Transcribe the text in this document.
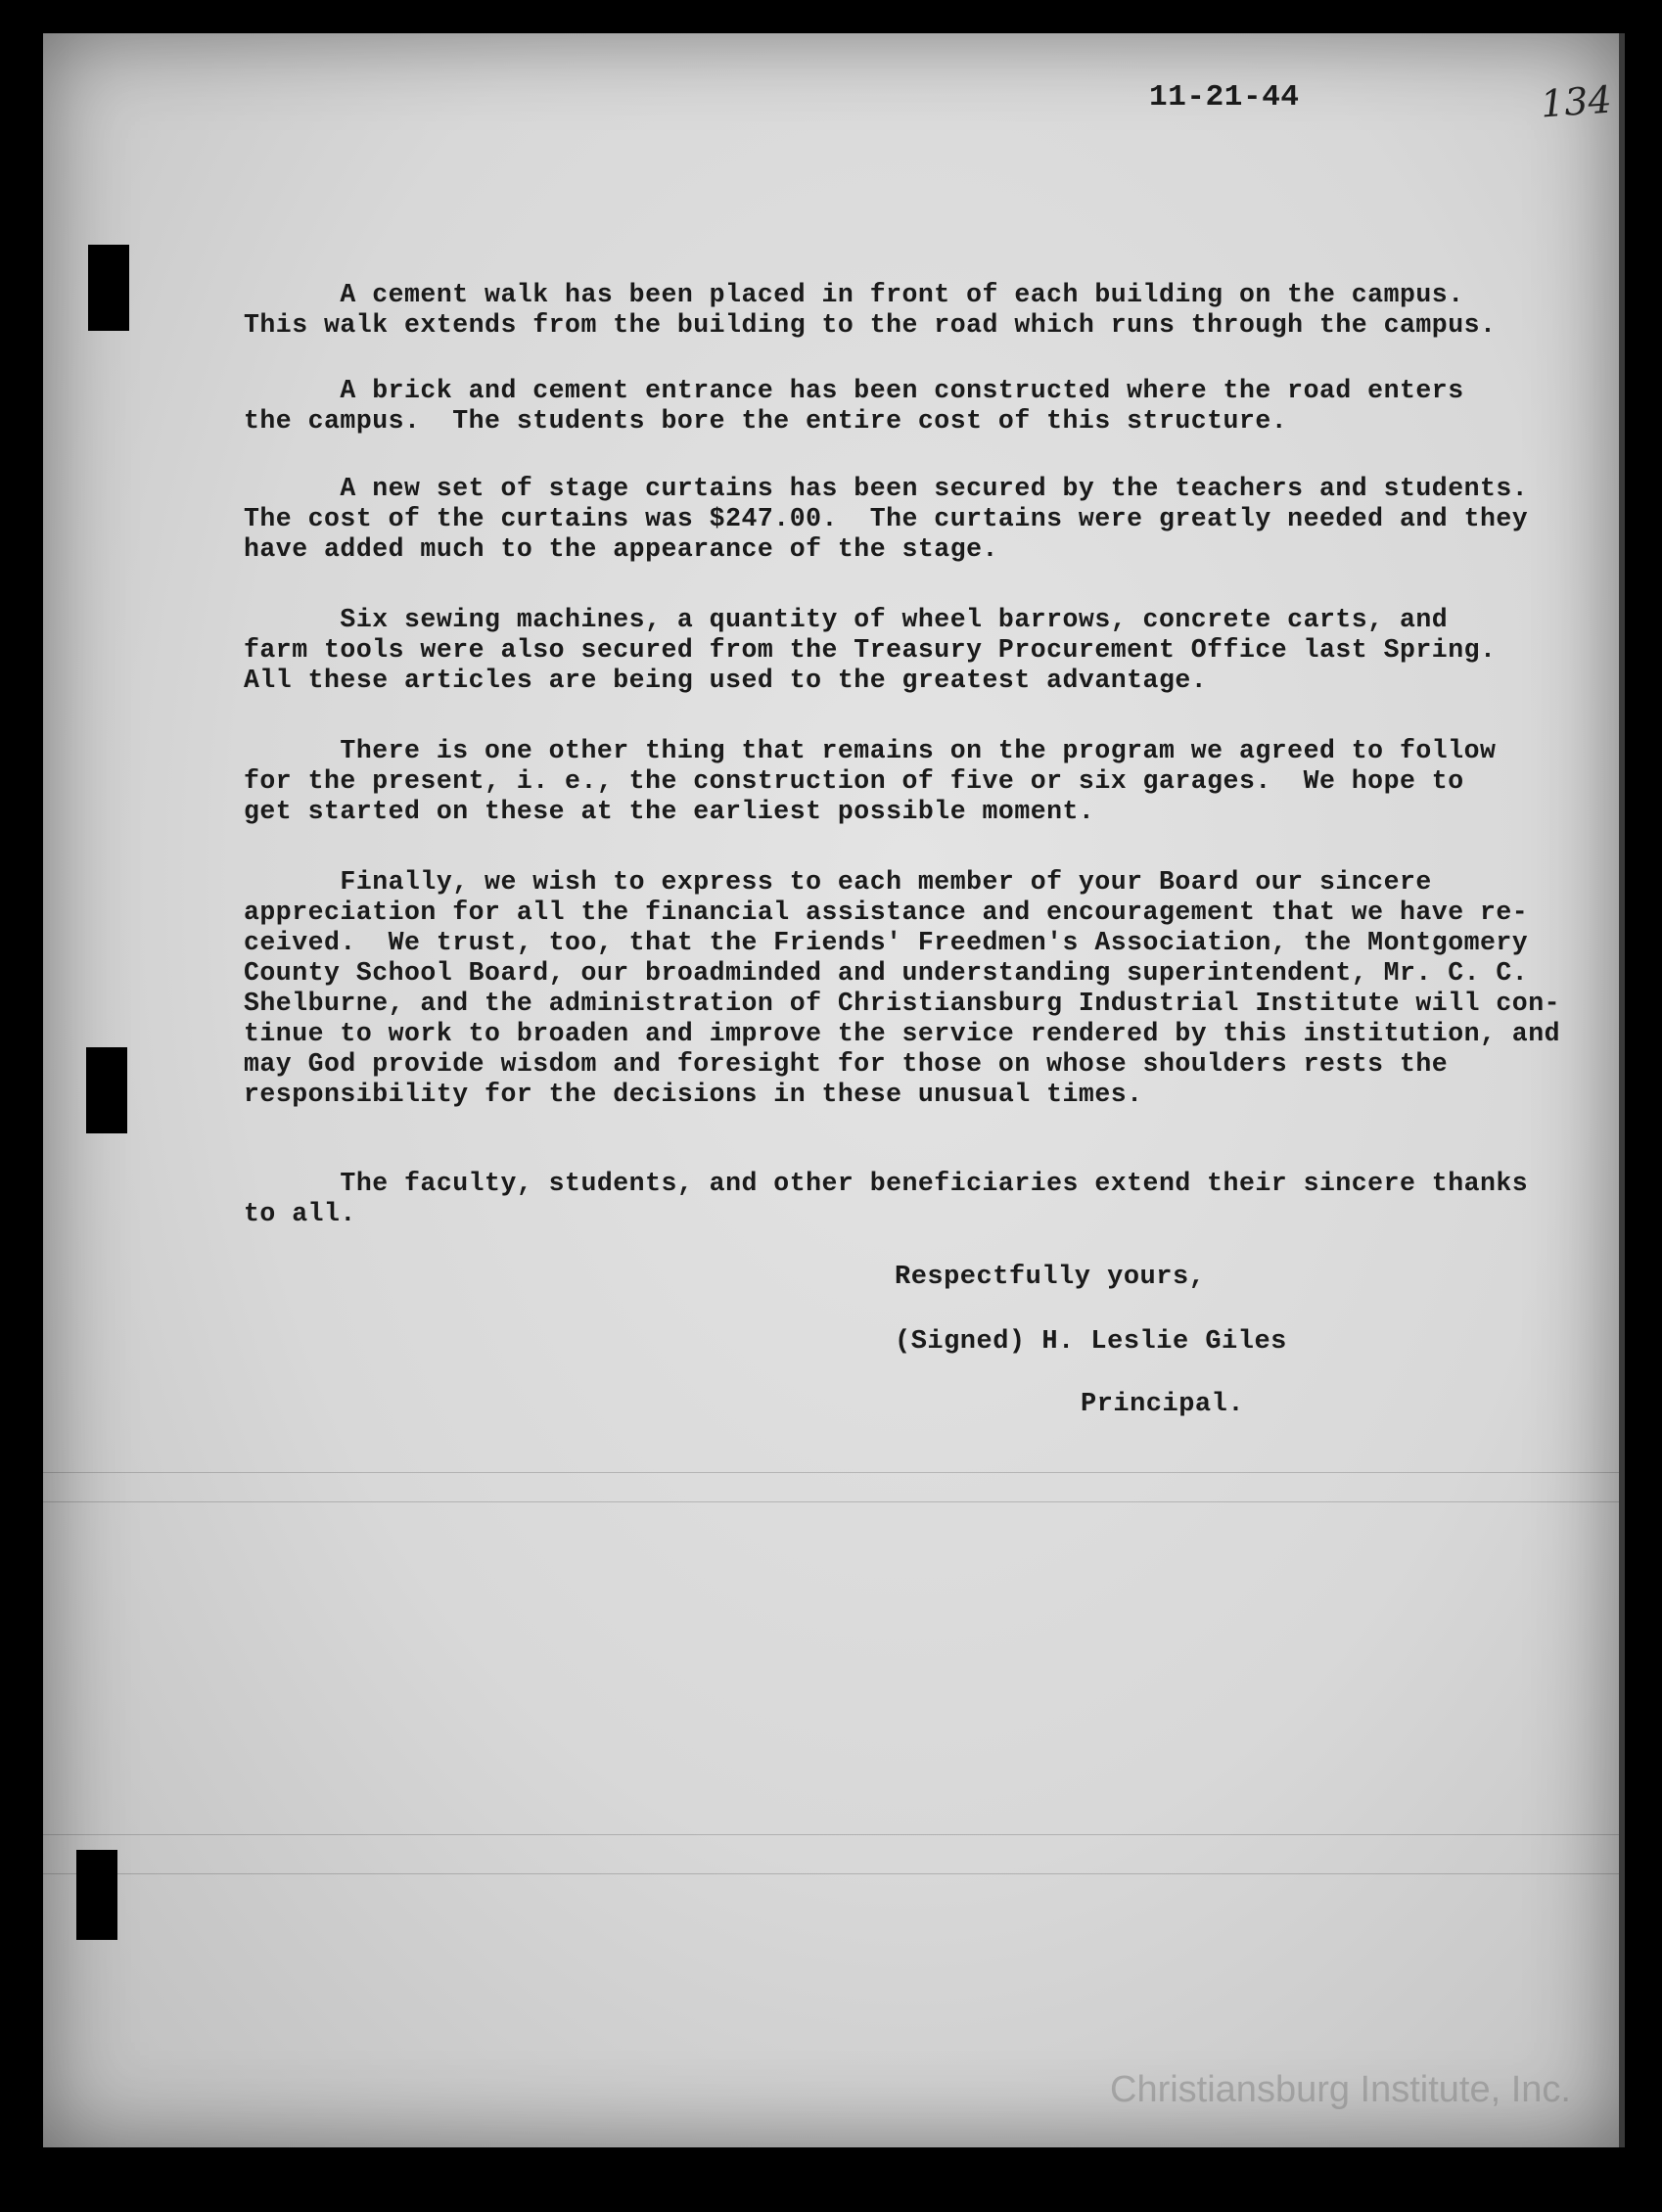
11-21-44	134
A cement walk has been placed in front of each building on the campus.
This walk extends from the building to the road which runs through the campus.
A brick and cement entrance has been constructed where the road enters
the campus.  The students bore the entire cost of this structure.
A new set of stage curtains has been secured by the teachers and students.
The cost of the curtains was $247.00.  The curtains were greatly needed and they
have added much to the appearance of the stage.
Six sewing machines, a quantity of wheel barrows, concrete carts, and
farm tools were also secured from the Treasury Procurement Office last Spring.
All these articles are being used to the greatest advantage.
There is one other thing that remains on the program we agreed to follow
for the present, i. e., the construction of five or six garages.  We hope to
get started on these at the earliest possible moment.
Finally, we wish to express to each member of your Board our sincere
appreciation for all the financial assistance and encouragement that we have re-
ceived.  We trust, too, that the Friends' Freedmen's Association, the Montgomery
County School Board, our broadminded and understanding superintendent, Mr. C. C.
Shelburne, and the administration of Christiansburg Industrial Institute will con-
tinue to work to broaden and improve the service rendered by this institution, and
may God provide wisdom and foresight for those on whose shoulders rests the
responsibility for the decisions in these unusual times.
The faculty, students, and other beneficiaries extend their sincere thanks
to all.
Respectfully yours,
(Signed) H. Leslie Giles
Principal.
Christiansburg Institute, Inc.
